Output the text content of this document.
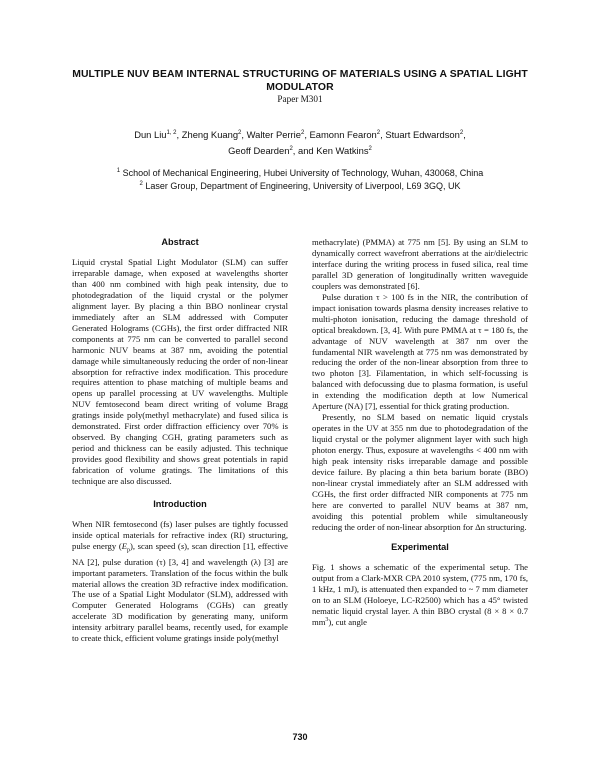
MULTIPLE NUV BEAM INTERNAL STRUCTURING OF MATERIALS USING A SPATIAL LIGHT MODULATOR
Paper M301
Dun Liu$^{1, 2}$, Zheng Kuang$^2$, Walter Perrie$^2$, Eamonn Fearon$^2$, Stuart Edwardson$^2$,
Geoff Dearden$^2$, and Ken Watkins$^2$
$^1$ School of Mechanical Engineering, Hubei University of Technology, Wuhan, 430068, China
$^2$ Laser Group, Department of Engineering, University of Liverpool, L69 3GQ, UK
Abstract

Liquid crystal Spatial Light Modulator (SLM) can suffer irreparable damage, when exposed at wavelengths shorter than 400 nm combined with high peak intensity, due to photodegradation of the liquid crystal or the polymer alignment layer. By placing a thin BBO nonlinear crystal immediately after an SLM addressed with Computer Generated Holograms (CGHs), the first order diffracted NIR components at 775 nm can be converted to parallel second harmonic NUV beams at 387 nm, avoiding the potential damage while simultaneously reducing the order of non-linear absorption for refractive index modification. This procedure requires attention to phase matching of multiple beams and opens up parallel processing at UV wavelengths. Multiple NUV femtosecond beam direct writing of volume Bragg gratings inside poly(methyl methacrylate) and fused silica is demonstrated. First order diffraction efficiency over 70% is observed. By changing CGH, grating parameters such as period and thickness can be easily adjusted. This technique provides good flexibility and shows great potentials in rapid fabrication of volume gratings. The limitations of this technique are also discussed.

Introduction

When NIR femtosecond (fs) laser pulses are tightly focussed inside optical materials for refractive index (RI) structuring, pulse energy $(E_p)$, scan speed (s), scan direction [1], effective NA [2], pulse duration (τ) [3, 4] and wavelength (λ) [3] are important parameters. Translation of the focus within the bulk material allows the creation 3D refractive index modification. The use of a Spatial Light Modulator (SLM), addressed with Computer Generated Holograms (CGHs) can greatly accelerate 3D modification by generating many, uniform intensity arbitrary parallel beams, recently used, for example to create thick, efficient volume gratings inside poly(methyl

methacrylate) (PMMA) at 775 nm [5]. By using an SLM to dynamically correct wavefront aberrations at the air/dielectric interface during the writing process in fused silica, real time parallel 3D generation of longitudinally written waveguide couplers was demonstrated [6].

Pulse duration τ > 100 fs in the NIR, the contribution of impact ionisation towards plasma density increases relative to multi-photon ionisation, reducing the damage threshold of optical breakdown. [3, 4]. With pure PMMA at τ = 180 fs, the advantage of NUV wavelength at 387 nm over the fundamental NIR wavelength at 775 nm was demonstrated by reducing the order of the non-linear absorption from three to two photon [3]. Filamentation, in which self-focussing is balanced with defocussing due to plasma formation, is useful in extending the modification depth at low Numerical Aperture (NA) [7], essential for thick grating production.

Presently, no SLM based on nematic liquid crystals operates in the UV at 355 nm due to photodegradation of the liquid crystal or the polymer alignment layer with such high photon energy. Thus, exposure at wavelengths < 400 nm with high peak intensity risks irreparable damage and possible device failure. By placing a thin beta barium borate (BBO) non-linear crystal immediately after an SLM addressed with CGHs, the first order diffracted NIR components at 775 nm here are converted to parallel NUV beams at 387 nm, avoiding this potential problem while simultaneously reducing the order of non-linear absorption for Δn structuring.

Experimental

Fig. 1 shows a schematic of the experimental setup. The output from a Clark-MXR CPA 2010 system, (775 nm, 170 fs, 1 kHz, 1 mJ), is attenuated then expanded to ~ 7 mm diameter on to an SLM (Holoeye, LC-R2500) which has a 45° twisted nematic liquid crystal layer. A thin BBO crystal (8 × 8 × 0.7 $mm^3$), cut angle

730
